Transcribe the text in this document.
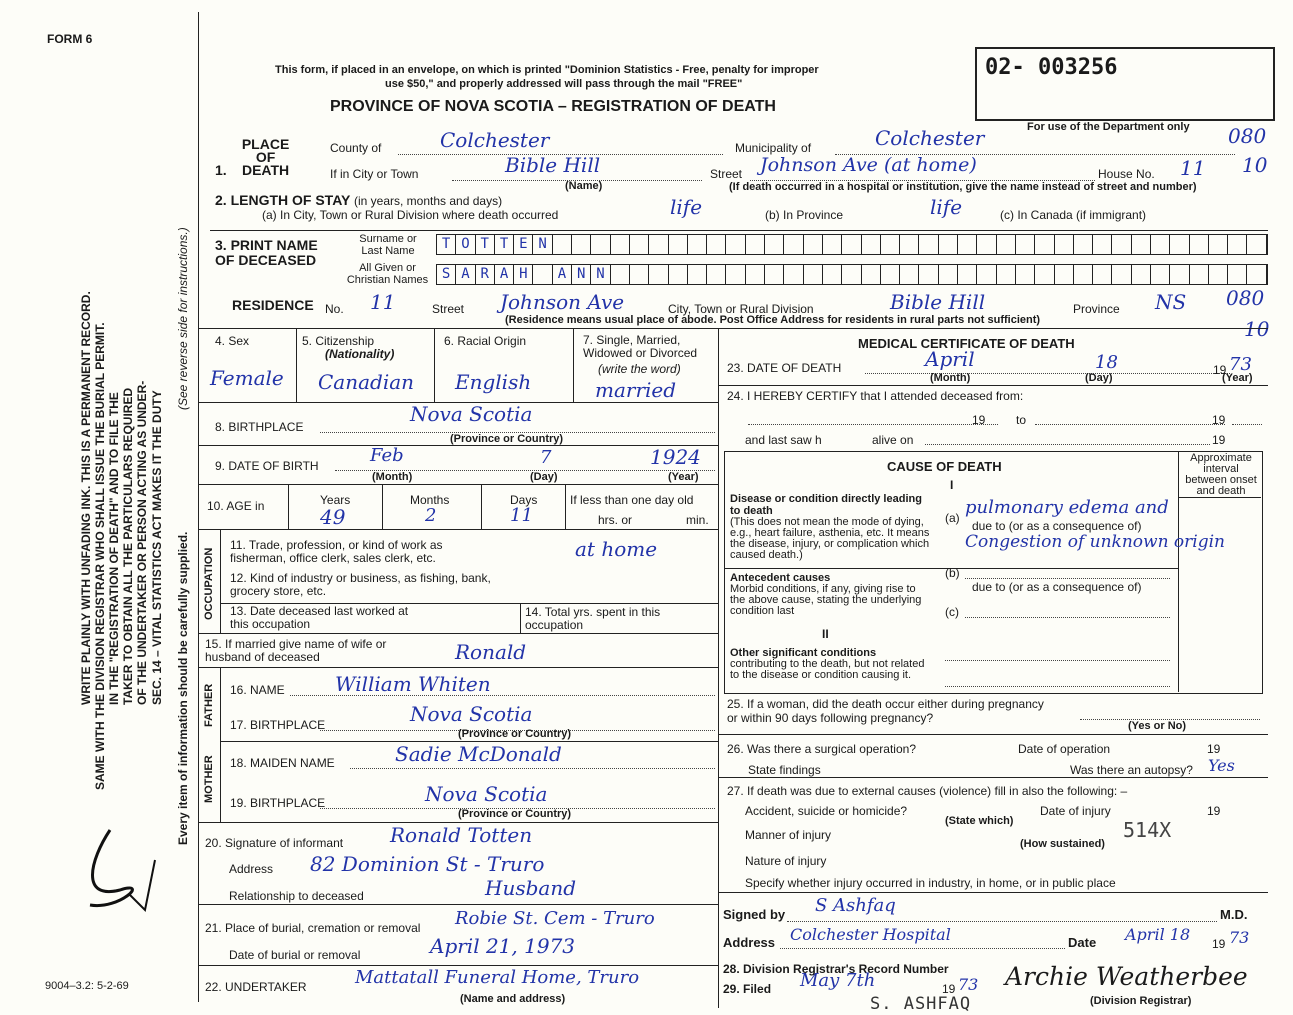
FORM 6
SEC. 14 – VITAL STATISTICS ACT MAKES IT THE DUTY
OF THE UNDERTAKER OR PERSON ACTING AS UNDER-
TAKER TO OBTAIN ALL THE PARTICULARS REQUIRED
IN THE "REGISTRATION OF DEATH" AND TO FILE THE
SAME WITH THE DIVISION REGISTRAR WHO SHALL ISSUE THE BURIAL PERMIT.
WRITE PLAINLY WITH UNFADING INK. THIS IS A PERMANENT RECORD.	(See reverse side for instructions.)
Every item of information should be carefully supplied.
9004–3.2: 5-2-69
This form, if placed in an envelope, on which is printed "Dominion Statistics - Free, penalty for improper
use $50," and properly addressed will pass through the mail "FREE"
PROVINCE OF NOVA SCOTIA – REGISTRATION OF DEATH
02- 003256
For use of the Department only 080
10
080
10
1. PLACE OF DEATH
County of	Colchester	Municipality of	Colchester
If in City or Town	Bible Hill
(Name)
Street Johnson Ave (at home)	House No. 11
(If death occurred in a hospital or institution, give the name instead of street and number)
2. LENGTH OF STAY (in years, months and days)
(a) In City, Town or Rural Division where death occurred	life	(b) In Province	life	(c) In Canada (if immigrant)
3. PRINT NAME OF DECEASED
Surname or Last Name	T O T T E N
All Given or Christian Names S A R A H	A N N
RESIDENCE No. 11	Street Johnson Ave	City, Town or Rural Division	Bible Hill	Province NS
(Residence means usual place of abode. Post Office Address for residents in rural parts not sufficient)
4. Sex
Female
5. Citizenship
(Nationality)
Canadian
6. Racial Origin
English
7. Single, Married, Widowed or Divorced
(write the word)
married
8. BIRTHPLACE
Nova Scotia
(Province or Country)
9. DATE OF BIRTH	Feb	7	1924
(Month)	(Day)	(Year)
10. AGE in	Years
49
Months
2
Days
11
If less than one day old
hrs. or	min.
OCCUPATION
11. Trade, profession, or kind of work as fisherman, office clerk, sales clerk, etc.	at home
12. Kind of industry or business, as fishing, bank, grocery store, etc.
13. Date deceased last worked at this occupation
14. Total yrs. spent in this occupation
15. If married give name of wife or husband of deceased	Ronald
FATHER
MOTHER
16. NAME	William Whiten
17. BIRTHPLACE	Nova Scotia
(Province or Country)
18. MAIDEN NAME	Sadie McDonald
19. BIRTHPLACE	Nova Scotia
(Province or Country)
20. Signature of informant Ronald Totten
Address 82 Dominion St - Truro
Relationship to deceased	Husband
21. Place of burial, cremation or removal Robie St. Cem - Truro
Date of burial or removal	April 21, 1973
22. UNDERTAKER	Mattatall Funeral Home, Truro
(Name and address)
MEDICAL CERTIFICATE OF DEATH
23. DATE OF DEATH	April	18	19 73
(Month)	(Day)	(Year)
24. I HEREBY CERTIFY that I attended deceased from:
19	to	19
and last saw h	alive on	19
CAUSE OF DEATH
Approximate interval between onset and death
I
Disease or condition directly leading to death
(This does not mean the mode of dying, e.g., heart failure, asthenia, etc. It means the disease, injury, or complication which caused death.)
(a) pulmonary edema and
due to (or as a consequence of)
Congestion of unknown origin
Antecedent causes
Morbid conditions, if any, giving rise to the above cause, stating the underlying condition last
(b)
due to (or as a consequence of)
(c)
II
Other significant conditions
contributing to the death, but not related to the disease or condition causing it.
25. If a woman, did the death occur either during pregnancy or within 90 days following pregnancy?
(Yes or No)
26. Was there a surgical operation?	Date of operation	19
State findings	Was there an autopsy? Yes
27. If death was due to external causes (violence) fill in also the following: –
Accident, suicide or homicide?	Date of injury	19
(State which)
Manner of injury	514X
(How sustained)
Nature of injury
Specify whether injury occurred in industry, in home, or in public place
Signed by S Ashfaq	M.D.
Address Colchester Hospital	Date April 18 19 73
28. Division Registrar's Record Number
29. Filed May 7th	19 73 Archie Weatherbee
(Division Registrar)
S. ASHFAQ
